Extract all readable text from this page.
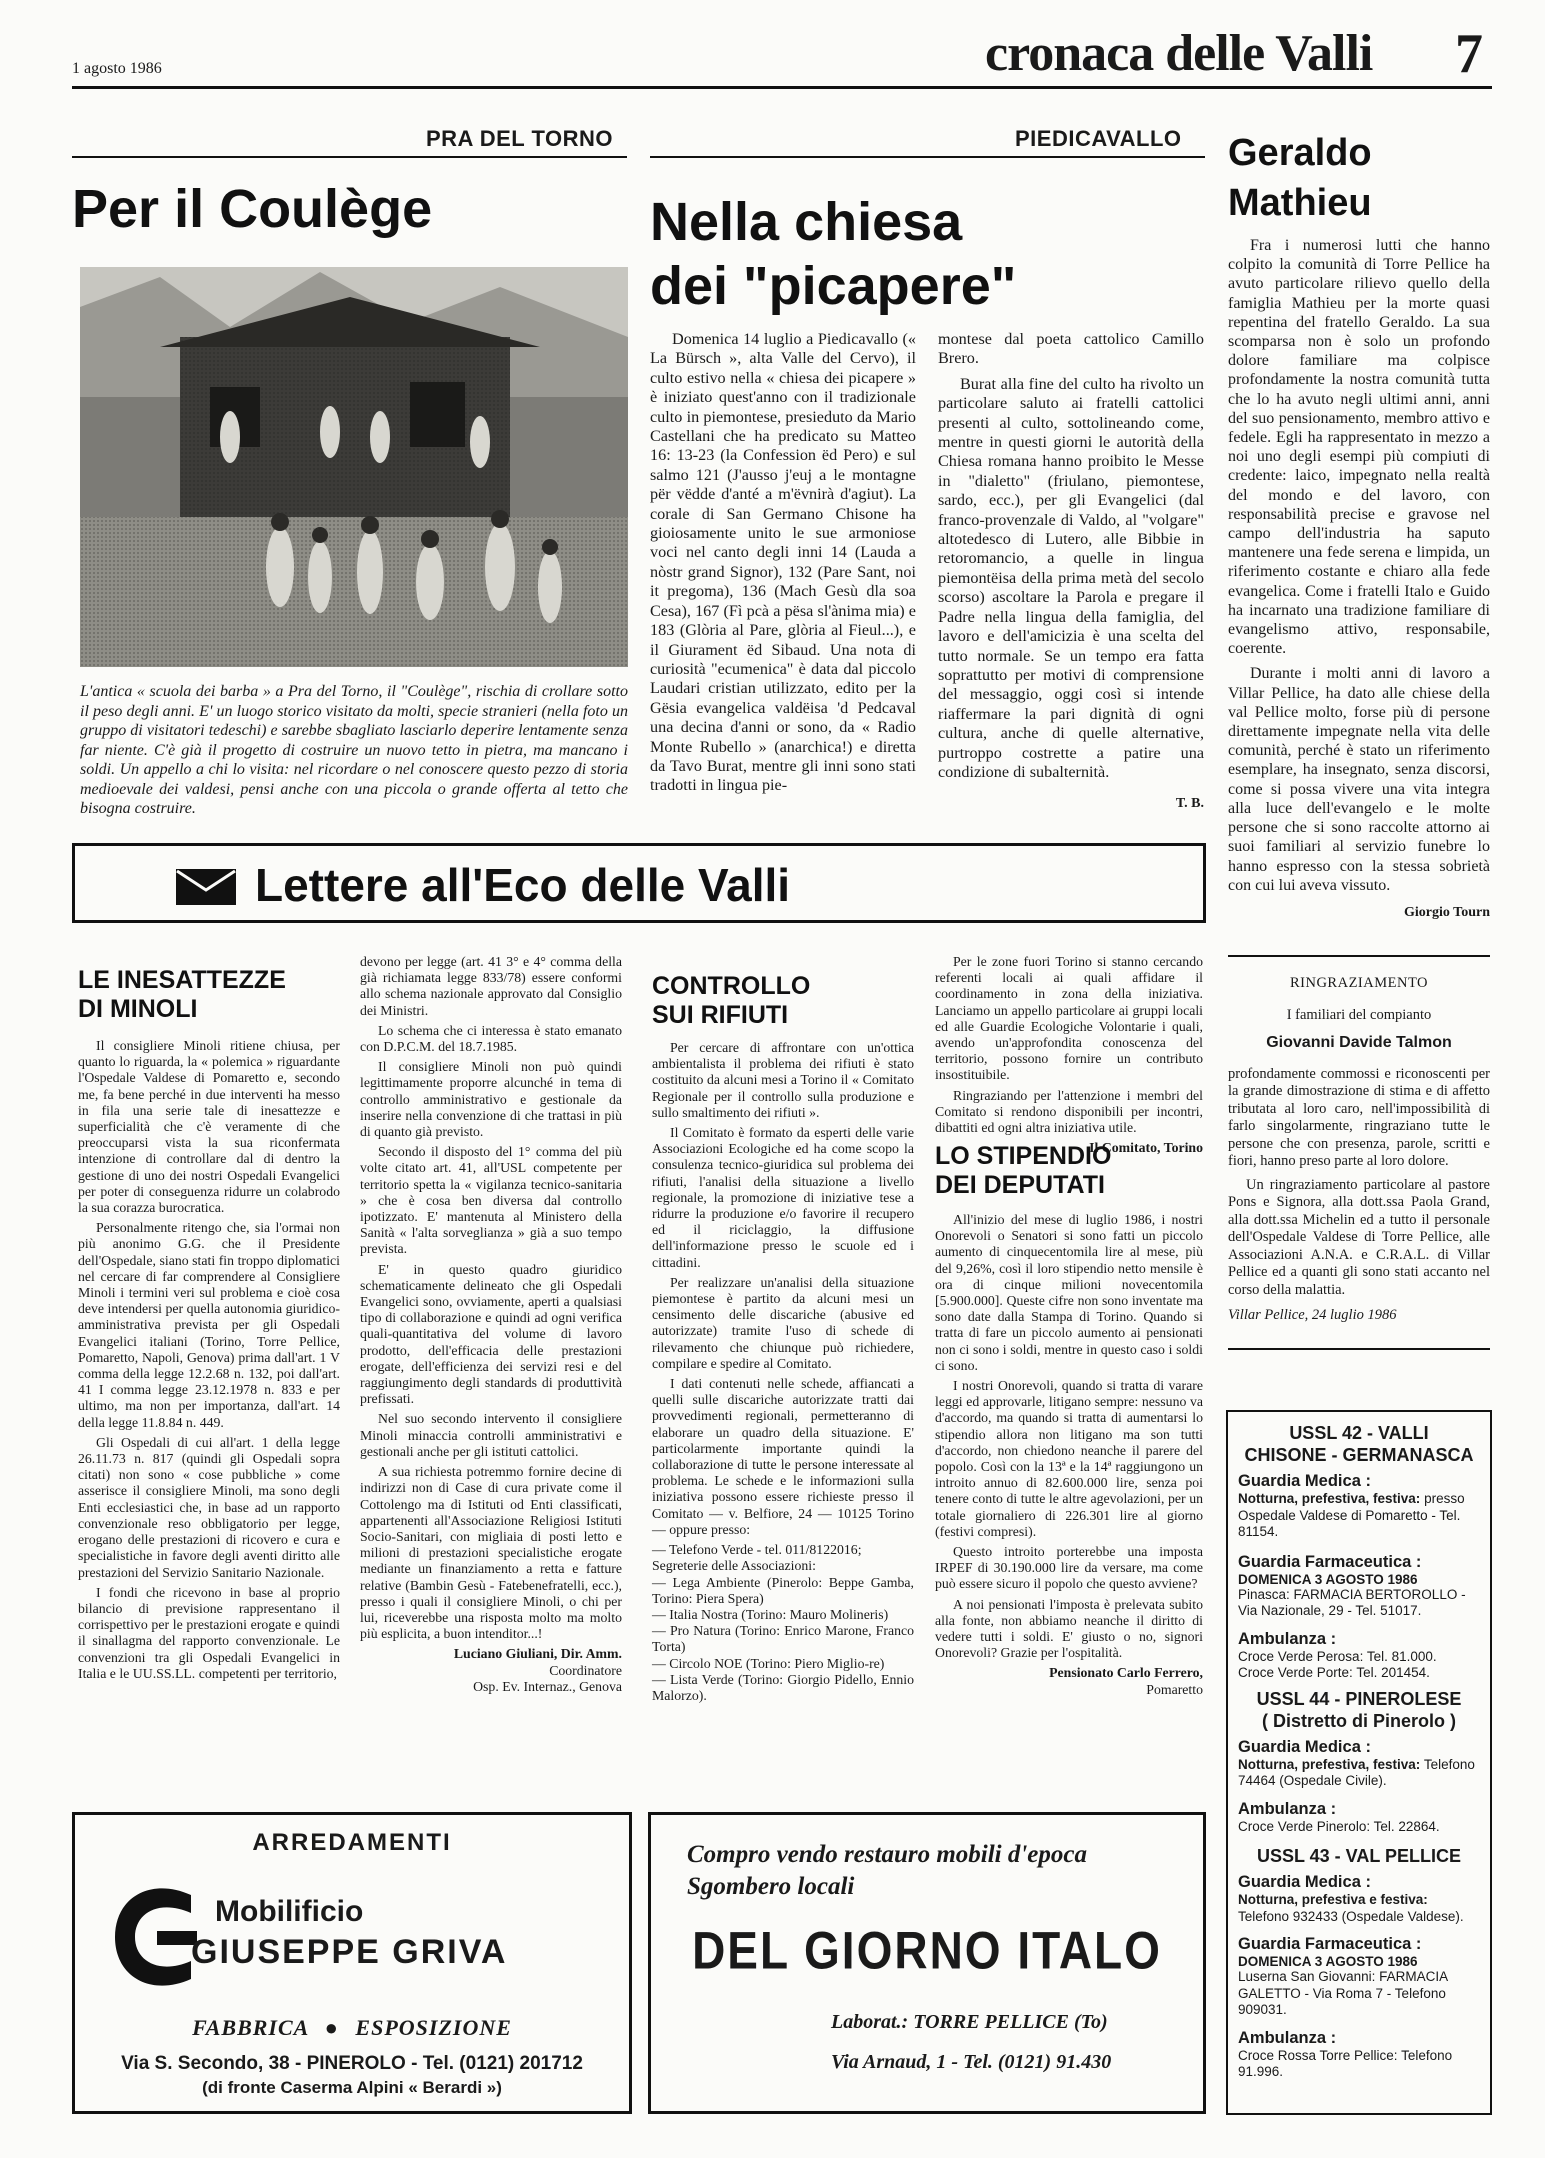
1 agosto 1986	cronaca delle Valli 7
PRA DEL TORNO
Per il Coulège
L'antica « scuola dei barba » a Pra del Torno, il "Coulège", rischia di crollare sotto il peso degli anni. E' un luogo storico visitato da molti, specie stranieri (nella foto un gruppo di visitatori tedeschi) e sarebbe sbagliato lasciarlo deperire lentamente senza far niente. C'è già il progetto di costruire un nuovo tetto in pietra, ma mancano i soldi. Un appello a chi lo visita: nel ricordare o nel conoscere questo pezzo di storia medioevale dei valdesi, pensi anche con una piccola o grande offerta al tetto che bisogna costruire.
PIEDICAVALLO
Nella chiesa
dei "picapere"

Domenica 14 luglio a Piedicavallo (« La Bürsch », alta Valle del Cervo), il culto estivo nella « chiesa dei picapere » è iniziato quest'anno con il tradizionale culto in piemontese, presieduto da Mario Castellani che ha predicato su Matteo 16: 13-23 (la Confession ëd Pero) e sul salmo 121 (J'ausso j'euj a le montagne për vëdde d'anté a m'ëvnirà d'agiut). La corale di San Germano Chisone ha gioiosamente unito le sue armoniose voci nel canto degli inni 14 (Lauda a nòstr grand Signor), 132 (Pare Sant, noi it pregoma), 136 (Mach Gesù dla soa Cesa), 167 (Fì pcà a pësa sl'ànima mia) e 183 (Glòria al Pare, glòria al Fieul...), e il Giurament ëd Sibaud. Una nota di curiosità "ecumenica" è data dal piccolo Laudari cristian utilizzato, edito per la Gësia evangelica valdëisa 'd Pedcaval una decina d'anni or sono, da « Radio Monte Rubello » (anarchica!) e diretta da Tavo Burat, mentre gli inni sono stati tradotti in lingua pie-

montese dal poeta cattolico Camillo Brero.

Burat alla fine del culto ha rivolto un particolare saluto ai fratelli cattolici presenti al culto, sottolineando come, mentre in questi giorni le autorità della Chiesa romana hanno proibito le Messe in "dialetto" (friulano, piemontese, sardo, ecc.), per gli Evangelici (dal franco-provenzale di Valdo, al "volgare" altotedesco di Lutero, alle Bibbie in retoromancio, a quelle in lingua piemontëisa della prima metà del secolo scorso) ascoltare la Parola e pregare il Padre nella lingua della famiglia, del lavoro e dell'amicizia è una scelta del tutto normale. Se un tempo era fatta soprattutto per motivi di comprensione del messaggio, oggi così si intende riaffermare la pari dignità di ogni cultura, anche di quelle alternative, purtroppo costrette a patire una condizione di subalternità.

T. B.
Geraldo
Mathieu

Fra i numerosi lutti che hanno colpito la comunità di Torre Pellice ha avuto particolare rilievo quello della famiglia Mathieu per la morte quasi repentina del fratello Geraldo. La sua scomparsa non è solo un profondo dolore familiare ma colpisce profondamente la nostra comunità tutta che lo ha avuto negli ultimi anni, anni del suo pensionamento, membro attivo e fedele. Egli ha rappresentato in mezzo a noi uno degli esempi più compiuti di credente: laico, impegnato nella realtà del mondo e del lavoro, con responsabilità precise e gravose nel campo dell'industria ha saputo mantenere una fede serena e limpida, un riferimento costante e chiaro alla fede evangelica. Come i fratelli Italo e Guido ha incarnato una tradizione familiare di evangelismo attivo, responsabile, coerente.

Durante i molti anni di lavoro a Villar Pellice, ha dato alle chiese della val Pellice molto, forse più di persone direttamente impegnate nella vita delle comunità, perché è stato un riferimento esemplare, ha insegnato, senza discorsi, come si possa vivere una vita integra alla luce dell'evangelo e le molte persone che si sono raccolte attorno ai suoi familiari al servizio funebre lo hanno espresso con la stessa sobrietà con cui lui aveva vissuto.

Giorgio Tourn
RINGRAZIAMENTO
I familiari del compianto
Giovanni Davide Talmon

profondamente commossi e riconoscenti per la grande dimostrazione di stima e di affetto tributata al loro caro, nell'impossibilità di farlo singolarmente, ringraziano tutte le persone che con presenza, parole, scritti e fiori, hanno preso parte al loro dolore.

Un ringraziamento particolare al pastore Pons e Signora, alla dott.ssa Paola Grand, alla dott.ssa Michelin ed a tutto il personale dell'Ospedale Valdese di Torre Pellice, alle Associazioni A.N.A. e C.R.A.L. di Villar Pellice ed a quanti gli sono stati accanto nel corso della malattia.

Villar Pellice, 24 luglio 1986
USSL 42 - VALLI
CHISONE - GERMANASCA
Guardia Medica :
Notturna, prefestiva, festiva: presso Ospedale Valdese di Pomaretto - Tel. 81154.
Guardia Farmaceutica :
DOMENICA 3 AGOSTO 1986
Pinasca: FARMACIA BERTOROLLO - Via Nazionale, 29 - Tel. 51017.
Ambulanza :
Croce Verde Perosa: Tel. 81.000.
Croce Verde Porte: Tel. 201454.
USSL 44 - PINEROLESE
( Distretto di Pinerolo )
Guardia Medica :
Notturna, prefestiva, festiva: Telefono 74464 (Ospedale Civile).
Ambulanza :
Croce Verde Pinerolo: Tel. 22864.
USSL 43 - VAL PELLICE
Guardia Medica :
Notturna, prefestiva e festiva: Telefono 932433 (Ospedale Valdese).
Guardia Farmaceutica :
DOMENICA 3 AGOSTO 1986
Luserna San Giovanni: FARMACIA GALETTO - Via Roma 7 - Telefono 909031.
Ambulanza :
Croce Rossa Torre Pellice: Telefono 91.996.
Lettere all'Eco delle Valli
LE INESATTEZZE
DI MINOLI

Il consigliere Minoli ritiene chiusa, per quanto lo riguarda, la « polemica » riguardante l'Ospedale Valdese di Pomaretto e, secondo me, fa bene perché in due interventi ha messo in fila una serie tale di inesattezze e superficialità che c'è veramente di che preoccuparsi vista la sua riconfermata intenzione di controllare dal di dentro la gestione di uno dei nostri Ospedali Evangelici per poter di conseguenza ridurre un colabrodo la sua corazza burocratica.

Personalmente ritengo che, sia l'ormai non più anonimo G.G. che il Presidente dell'Ospedale, siano stati fin troppo diplomatici nel cercare di far comprendere al Consigliere Minoli i termini veri sul problema e cioè cosa deve intendersi per quella autonomia giuridico-amministrativa prevista per gli Ospedali Evangelici italiani (Torino, Torre Pellice, Pomaretto, Napoli, Genova) prima dall'art. 1 V comma della legge 12.2.68 n. 132, poi dall'art. 41 I comma legge 23.12.1978 n. 833 e per ultimo, ma non per importanza, dall'art. 14 della legge 11.8.84 n. 449.

Gli Ospedali di cui all'art. 1 della legge 26.11.73 n. 817 (quindi gli Ospedali sopra citati) non sono « cose pubbliche » come asserisce il consigliere Minoli, ma sono degli Enti ecclesiastici che, in base ad un rapporto convenzionale reso obbligatorio per legge, erogano delle prestazioni di ricovero e cura e specialistiche in favore degli aventi diritto alle prestazioni del Servizio Sanitario Nazionale.

I fondi che ricevono in base al proprio bilancio di previsione rappresentano il corrispettivo per le prestazioni erogate e quindi il sinallagma del rapporto convenzionale. Le convenzioni tra gli Ospedali Evangelici in Italia e le UU.SS.LL. competenti per territorio,

devono per legge (art. 41 3° e 4° comma della già richiamata legge 833/78) essere conformi allo schema nazionale approvato dal Consiglio dei Ministri.

Lo schema che ci interessa è stato emanato con D.P.C.M. del 18.7.1985.

Il consigliere Minoli non può quindi legittimamente proporre alcunché in tema di controllo amministrativo e gestionale da inserire nella convenzione di che trattasi in più di quanto già previsto.

Secondo il disposto del 1° comma del più volte citato art. 41, all'USL competente per territorio spetta la « vigilanza tecnico-sanitaria » che è cosa ben diversa dal controllo ipotizzato. E' mantenuta al Ministero della Sanità « l'alta sorveglianza » già a suo tempo prevista.

E' in questo quadro giuridico schematicamente delineato che gli Ospedali Evangelici sono, ovviamente, aperti a qualsiasi tipo di collaborazione e quindi ad ogni verifica quali-quantitativa del volume di lavoro prodotto, dell'efficacia delle prestazioni erogate, dell'efficienza dei servizi resi e del raggiungimento degli standards di produttività prefissati.

Nel suo secondo intervento il consigliere Minoli minaccia controlli amministrativi e gestionali anche per gli istituti cattolici.

A sua richiesta potremmo fornire decine di indirizzi non di Case di cura private come il Cottolengo ma di Istituti od Enti classificati, appartenenti all'Associazione Religiosi Istituti Socio-Sanitari, con migliaia di posti letto e milioni di prestazioni specialistiche erogate mediante un finanziamento a retta e fatture relative (Bambin Gesù - Fatebenefratelli, ecc.), presso i quali il consigliere Minoli, o chi per lui, riceverebbe una risposta molto ma molto più esplicita, a buon intenditor...!

Luciano Giuliani, Dir. Amm.
Coordinatore
Osp. Ev. Internaz., Genova
CONTROLLO
SUI RIFIUTI

Per cercare di affrontare con un'ottica ambientalista il problema dei rifiuti è stato costituito da alcuni mesi a Torino il « Comitato Regionale per il controllo sulla produzione e sullo smaltimento dei rifiuti ».

Il Comitato è formato da esperti delle varie Associazioni Ecologiche ed ha come scopo la consulenza tecnico-giuridica sul problema dei rifiuti, l'analisi della situazione a livello regionale, la promozione di iniziative tese a ridurre la produzione e/o favorire il recupero ed il riciclaggio, la diffusione dell'informazione presso le scuole ed i cittadini.

Per realizzare un'analisi della situazione piemontese è partito da alcuni mesi un censimento delle discariche (abusive ed autorizzate) tramite l'uso di schede di rilevamento che chiunque può richiedere, compilare e spedire al Comitato.

I dati contenuti nelle schede, affiancati a quelli sulle discariche autorizzate tratti dai provvedimenti regionali, permetteranno di elaborare un quadro della situazione. E' particolarmente importante quindi la collaborazione di tutte le persone interessate al problema. Le schede e le informazioni sulla iniziativa possono essere richieste presso il Comitato — v. Belfiore, 24 — 10125 Torino — oppure presso:

— Telefono Verde - tel. 011/8122016;
Segreterie delle Associazioni:
— Lega Ambiente (Pinerolo: Beppe Gamba, Torino: Piera Spera)
— Italia Nostra (Torino: Mauro Molineris)
— Pro Natura (Torino: Enrico Marone, Franco Torta)
— Circolo NOE (Torino: Piero Miglio-re)
— Lista Verde (Torino: Giorgio Pidello, Ennio Malorzo).

Per le zone fuori Torino si stanno cercando referenti locali ai quali affidare il coordinamento in zona della iniziativa. Lanciamo un appello particolare ai gruppi locali ed alle Guardie Ecologiche Volontarie i quali, avendo un'approfondita conoscenza del territorio, possono fornire un contributo insostituibile.

Ringraziando per l'attenzione i membri del Comitato si rendono disponibili per incontri, dibattiti ed ogni altra iniziativa utile.

Il Comitato, Torino
LO STIPENDIO
DEI DEPUTATI

All'inizio del mese di luglio 1986, i nostri Onorevoli o Senatori si sono fatti un piccolo aumento di cinquecentomila lire al mese, più del 9,26%, così il loro stipendio netto mensile è ora di cinque milioni novecentomila [5.900.000]. Queste cifre non sono inventate ma sono date dalla Stampa di Torino. Quando si tratta di fare un piccolo aumento ai pensionati non ci sono i soldi, mentre in questo caso i soldi ci sono.

I nostri Onorevoli, quando si tratta di varare leggi ed approvarle, litigano sempre: nessuno va d'accordo, ma quando si tratta di aumentarsi lo stipendio allora non litigano ma son tutti d'accordo, non chiedono neanche il parere del popolo. Così con la 13ª e la 14ª raggiungono un introito annuo di 82.600.000 lire, senza poi tenere conto di tutte le altre agevolazioni, per un totale giornaliero di 226.301 lire al giorno (festivi compresi).

Questo introito porterebbe una imposta IRPEF di 30.190.000 lire da versare, ma come può essere sicuro il popolo che questo avviene?

A noi pensionati l'imposta è prelevata subito alla fonte, non abbiamo neanche il diritto di vedere tutti i soldi. E' giusto o no, signori Onorevoli? Grazie per l'ospitalità.

Pensionato Carlo Ferrero,
Pomaretto
ARREDAMENTI
Mobilificio
GIUSEPPE GRIVA
FABBRICA ● ESPOSIZIONE
Via S. Secondo, 38 - PINEROLO - Tel. (0121) 201712
(di fronte Caserma Alpini « Berardi »)
Compro vendo restauro mobili d'epoca
Sgombero locali
DEL GIORNO ITALO
Laborat.: TORRE PELLICE (To)
Via Arnaud, 1 - Tel. (0121) 91.430
